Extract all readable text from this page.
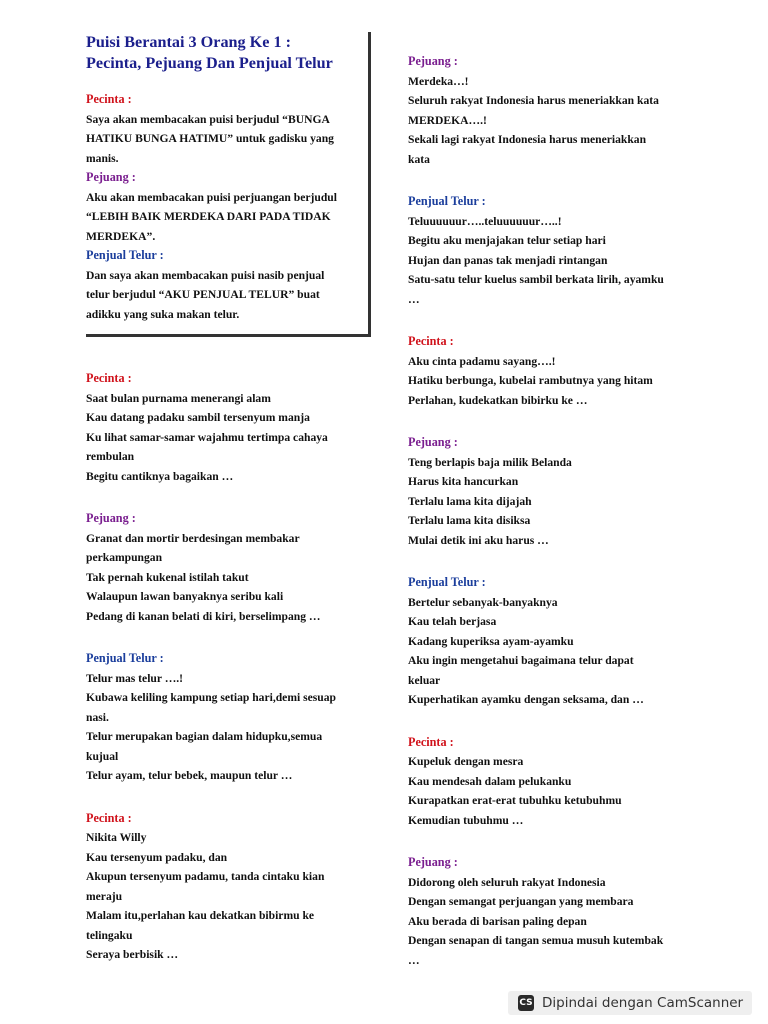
Puisi Berantai 3 Orang Ke 1 :
Pecinta, Pejuang Dan Penjual Telur
Pecinta :
Saya akan membacakan puisi berjudul “BUNGA
HATIKU BUNGA HATIMU” untuk gadisku yang
manis.
Pejuang :
Aku akan membacakan puisi perjuangan berjudul
“LEBIH BAIK MERDEKA DARI PADA TIDAK
MERDEKA”.
Penjual Telur :
Dan saya akan membacakan puisi nasib penjual
telur berjudul “AKU PENJUAL TELUR” buat
adikku yang suka makan telur.
Pecinta :
Saat bulan purnama menerangi alam
Kau datang padaku sambil tersenyum manja
Ku lihat samar-samar wajahmu tertimpa cahaya
rembulan
Begitu cantiknya bagaikan …
Pejuang :
Granat dan mortir berdesingan membakar
perkampungan
Tak pernah kukenal istilah takut
Walaupun lawan banyaknya seribu kali
Pedang di kanan belati di kiri, berselimpang …
Penjual Telur :
Telur mas telur ….!
Kubawa keliling kampung setiap hari,demi sesuap
nasi.
Telur merupakan bagian dalam hidupku,semua
kujual
Telur ayam, telur bebek, maupun telur …
Pecinta :
Nikita Willy
Kau tersenyum padaku, dan
Akupun tersenyum padamu, tanda cintaku kian
meraju
Malam itu,perlahan kau dekatkan bibirmu ke
telingaku
Seraya berbisik …
Pejuang :
Merdeka…!
Seluruh rakyat Indonesia harus meneriakkan kata
MERDEKA….!
Sekali lagi rakyat Indonesia harus meneriakkan
kata
Penjual Telur :
Teluuuuuur…..teluuuuuur…..!
Begitu aku menjajakan telur setiap hari
Hujan dan panas tak menjadi rintangan
Satu-satu telur kuelus sambil berkata lirih, ayamku
…
Pecinta :
Aku cinta padamu sayang….!
Hatiku berbunga, kubelai rambutnya yang hitam
Perlahan, kudekatkan bibirku ke …
Pejuang :
Teng berlapis baja milik Belanda
Harus kita hancurkan
Terlalu lama kita dijajah
Terlalu lama kita disiksa
Mulai detik ini aku harus …
Penjual Telur :
Bertelur sebanyak-banyaknya
Kau telah berjasa
Kadang kuperiksa ayam-ayamku
Aku ingin mengetahui bagaimana telur dapat
keluar
Kuperhatikan ayamku dengan seksama, dan …
Pecinta :
Kupeluk dengan mesra
Kau mendesah dalam pelukanku
Kurapatkan erat-erat tubuhku ketubuhmu
Kemudian tubuhmu …
Pejuang :
Didorong oleh seluruh rakyat Indonesia
Dengan semangat perjuangan yang membara
Aku berada di barisan paling depan
Dengan senapan di tangan semua musuh kutembak
…
CS Dipindai dengan CamScanner
